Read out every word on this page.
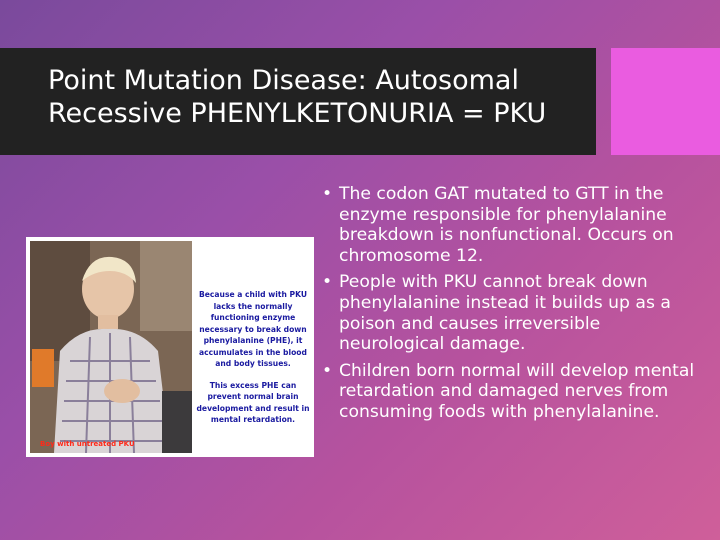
Point Mutation Disease: Autosomal
Recessive PHENYLKETONURIA = PKU
Boy with untreated PKU

Because a child with PKU lacks the normally functioning enzyme necessary to break down phenylalanine (PHE), it accumulates in the blood and body tissues.

This excess PHE can prevent normal brain development and result in mental retardation.

• The codon GAT mutated to GTT in the enzyme responsible for phenylalanine breakdown is nonfunctional. Occurs on chromosome 12.
• People with PKU cannot break down phenylalanine instead it builds up as a poison and causes irreversible neurological damage.
• Children born normal will develop mental retardation and damaged nerves from consuming foods with phenylalanine.
